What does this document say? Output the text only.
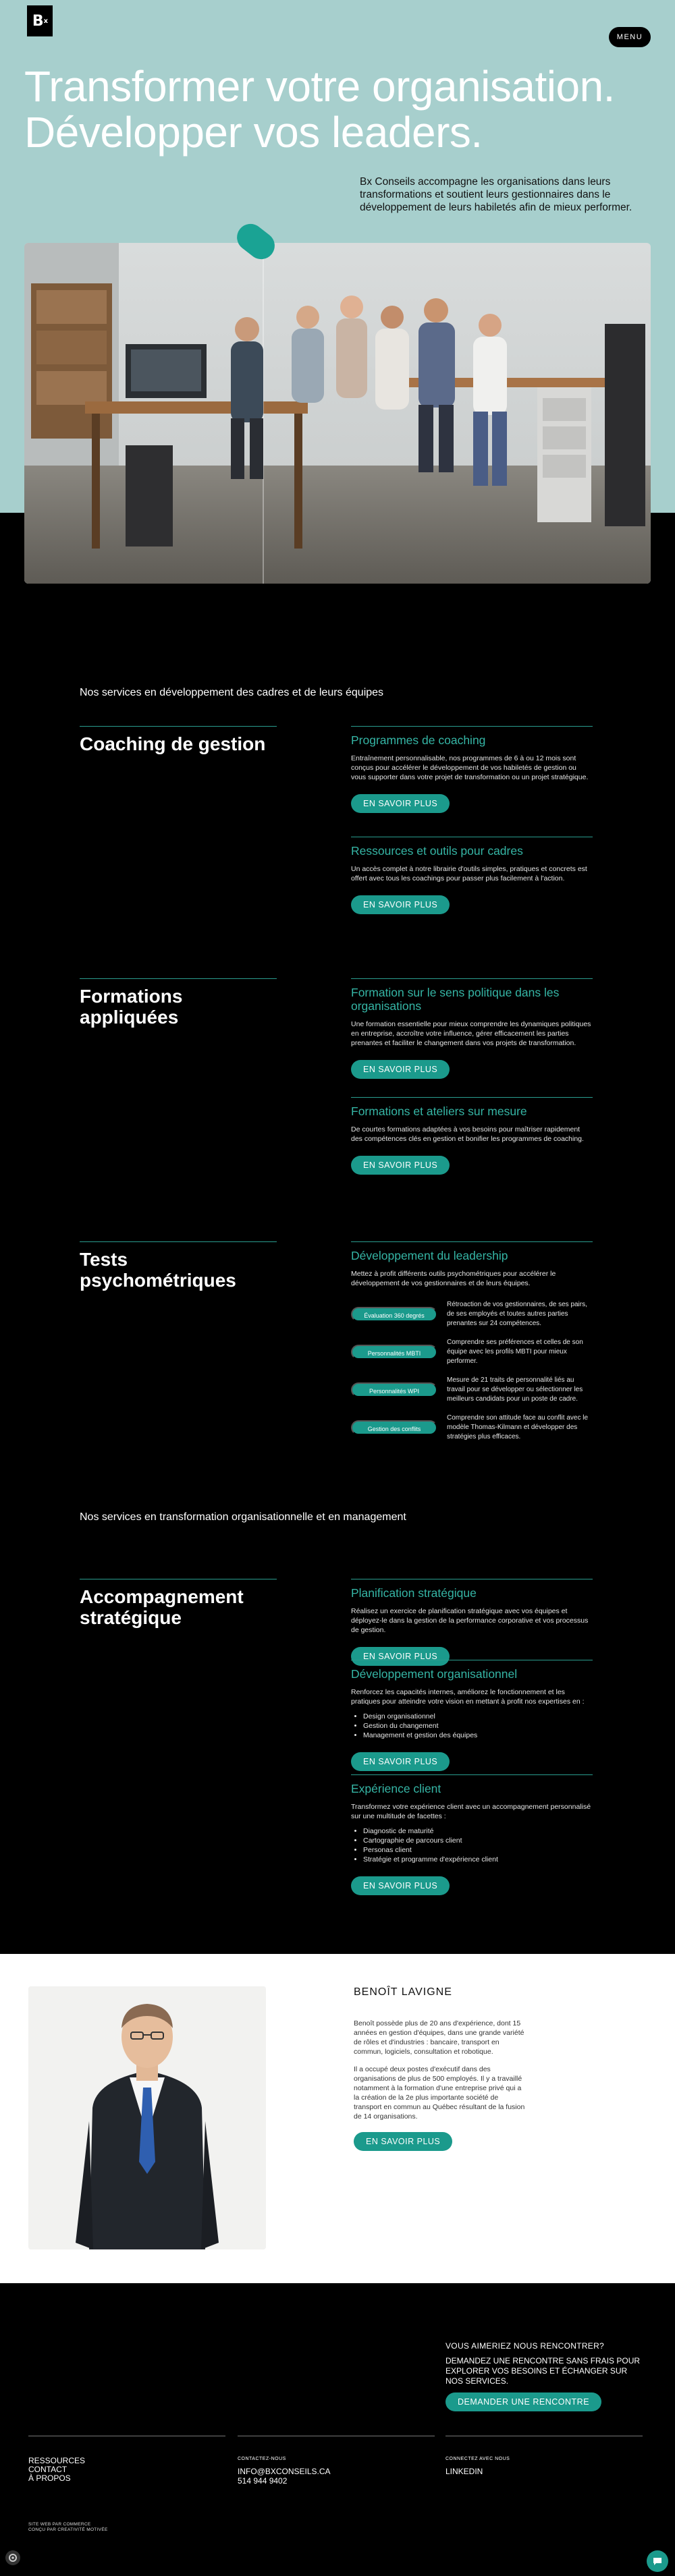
B x
MENU
Transformer votre organisation.
Développer vos leaders.

Bx Conseils accompagne les organisations dans leurs transformations et soutient leurs gestionnaires dans le développement de leurs habiletés afin de mieux performer.

Nos services en développement des cadres et de leurs équipes
Coaching de gestion	Programmes de coaching

Entraînement personnalisable, nos programmes de 6 à ou 12 mois sont conçus pour accélérer le développement de vos habiletés de gestion ou vous supporter dans votre projet de transformation ou un projet stratégique.

EN SAVOIR PLUS
Ressources et outils pour cadres

Un accès complet à notre librairie d'outils simples, pratiques et concrets est offert avec tous les coachings pour passer plus facilement à l'action.

EN SAVOIR PLUS
Formations appliquées
Formation sur le sens politique dans les organisations

Une formation essentielle pour mieux comprendre les dynamiques politiques en entreprise, accroître votre influence, gérer efficacement les parties prenantes et faciliter le changement dans vos projets de transformation.

EN SAVOIR PLUS
Formations et ateliers sur mesure

De courtes formations adaptées à vos besoins pour maîtriser rapidement des compétences clés en gestion et bonifier les programmes de coaching.

EN SAVOIR PLUS
Tests psychométriques
Développement du leadership

Mettez à profit différents outils psychométriques pour accélérer le développement de vos gestionnaires et de leurs équipes.

Évaluation 360 degrés
Rétroaction de vos gestionnaires, de ses pairs, de ses employés et toutes autres parties prenantes sur 24 compétences.
Personnalités MBTI
Comprendre ses préférences et celles de son équipe avec les profils MBTI pour mieux performer.
Personnalités WPI
Mesure de 21 traits de personnalité liés au travail pour se développer ou sélectionner les meilleurs candidats pour un poste de cadre.
Gestion des conflits
Comprendre son attitude face au conflit avec le modèle Thomas-Kilmann et développer des stratégies plus efficaces.
Nos services en transformation organisationnelle et en management
Accompagnement stratégique
Planification stratégique

Réalisez un exercice de planification stratégique avec vos équipes et déployez-le dans la gestion de la performance corporative et vos processus de gestion.

EN SAVOIR PLUS
Développement organisationnel

Renforcez les capacités internes, améliorez le fonctionnement et les pratiques pour atteindre votre vision en mettant à profit nos expertises en :

• Design organisationnel
• Gestion du changement
• Management et gestion des équipes
EN SAVOIR PLUS
Expérience client

Transformez votre expérience client avec un accompagnement personnalisé sur une multitude de facettes :

• Diagnostic de maturité
• Cartographie de parcours client
• Personas client
• Stratégie et programme d'expérience client
EN SAVOIR PLUS
BENOÎT LAVIGNE

Benoît possède plus de 20 ans d'expérience, dont 15 années en gestion d'équipes, dans une grande variété de rôles et d'industries : bancaire, transport en commun, logiciels, consultation et robotique.

Il a occupé deux postes d'exécutif dans des organisations de plus de 500 employés. Il y a travaillé notamment à la formation d'une entreprise privé qui a la création de la 2e plus importante société de transport en commun au Québec résultant de la fusion de 14 organisations.

EN SAVOIR PLUS
VOUS AIMERIEZ NOUS RENCONTRER?
DEMANDEZ UNE RENCONTRE SANS FRAIS POUR EXPLORER VOS BESOINS ET ÉCHANGER SUR NOS SERVICES.
DEMANDER UNE RENCONTRE
RESSOURCES
CONTACT
À PROPOS
CONTACTEZ-NOUS
INFO@BXCONSEILS.CA
514 944 9402
CONNECTEZ AVEC NOUS
LINKEDIN
SITE WEB PAR COMMERCE
CONÇU PAR CREATIVITÉ MOTIVÉE
